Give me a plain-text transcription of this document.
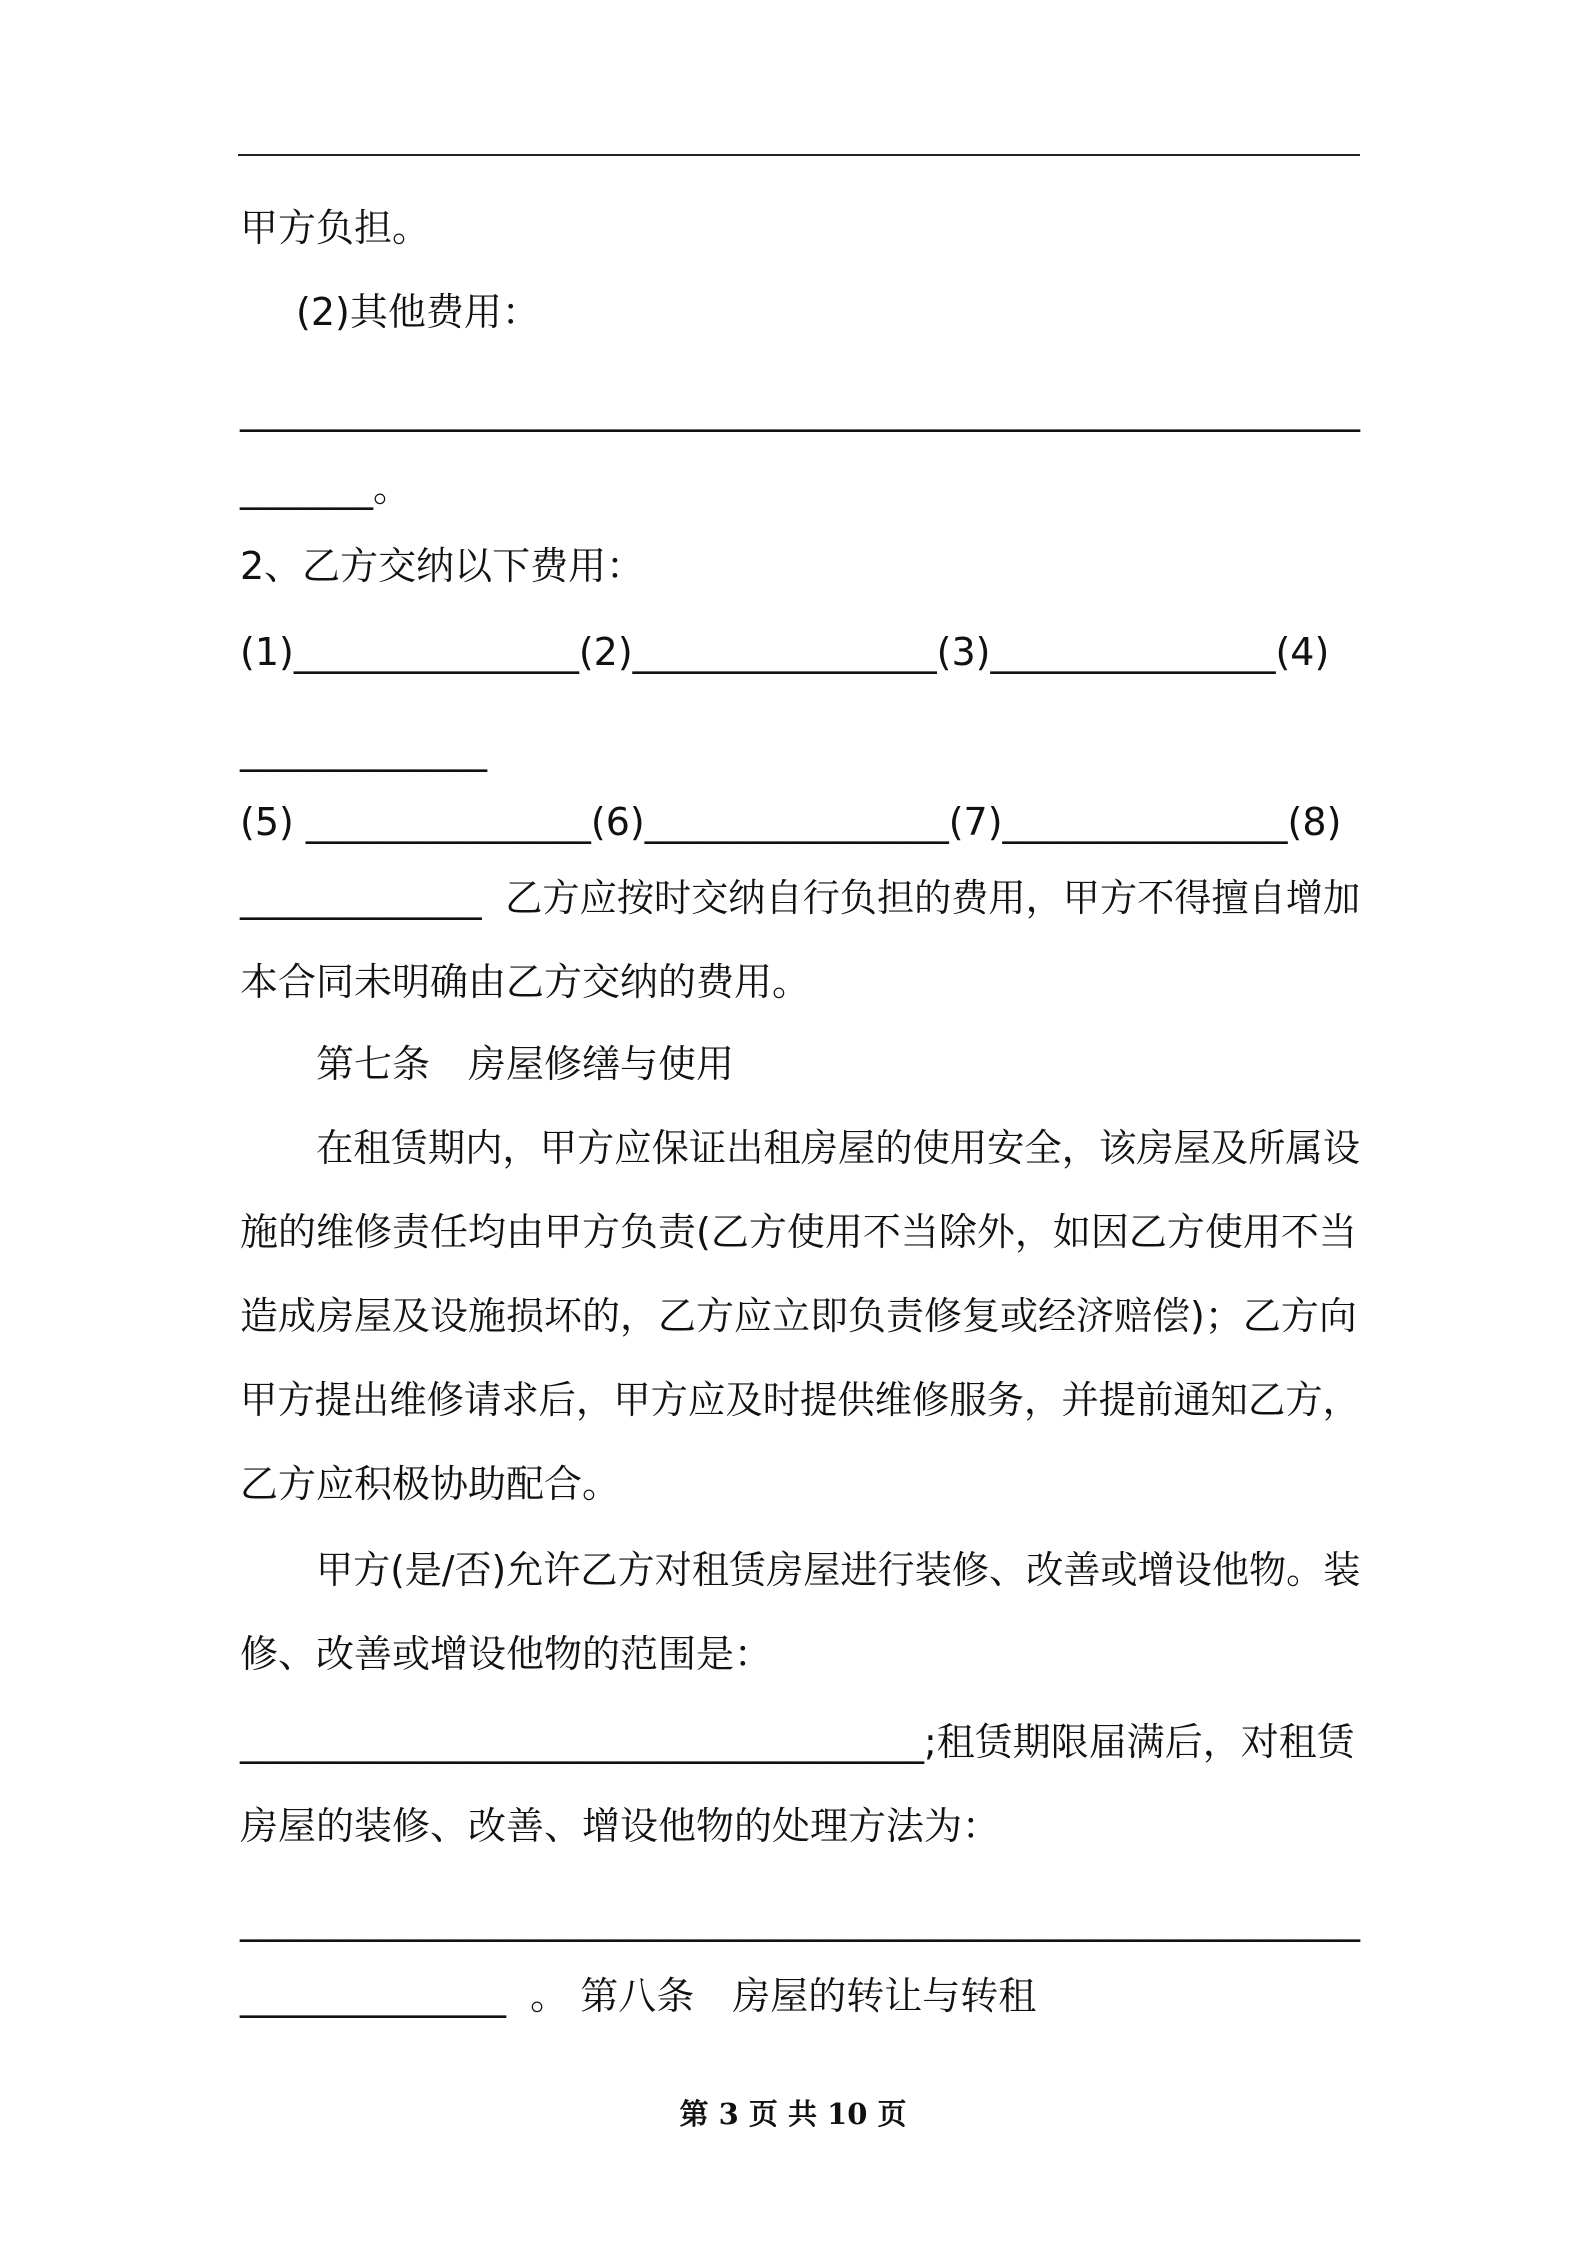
甲方负担。
(2)其他费用：
_______________________________________________________________
_______。
2、乙方交纳以下费用：
(1)_______________(2)________________(3)_______________(4)
_____________
(5) _______________(6)________________(7)_______________(8)
_____________  乙方应按时交纳自行负担的费用，甲方不得擅自增加
本合同未明确由乙方交纳的费用。
第七条　房屋修缮与使用
在租赁期内，甲方应保证出租房屋的使用安全，该房屋及所属设
施的维修责任均由甲方负责(乙方使用不当除外，如因乙方使用不当
造成房屋及设施损坏的，乙方应立即负责修复或经济赔偿)；乙方向
甲方提出维修请求后，甲方应及时提供维修服务，并提前通知乙方，
乙方应积极协助配合。
甲方(是/否)允许乙方对租赁房屋进行装修、改善或增设他物。装
修、改善或增设他物的范围是：
____________________________________;租赁期限届满后，对租赁
房屋的装修、改善、增设他物的处理方法为：
_______________________________________________________________
______________  。 第八条　房屋的转让与转租
第 3 页 共 10 页
